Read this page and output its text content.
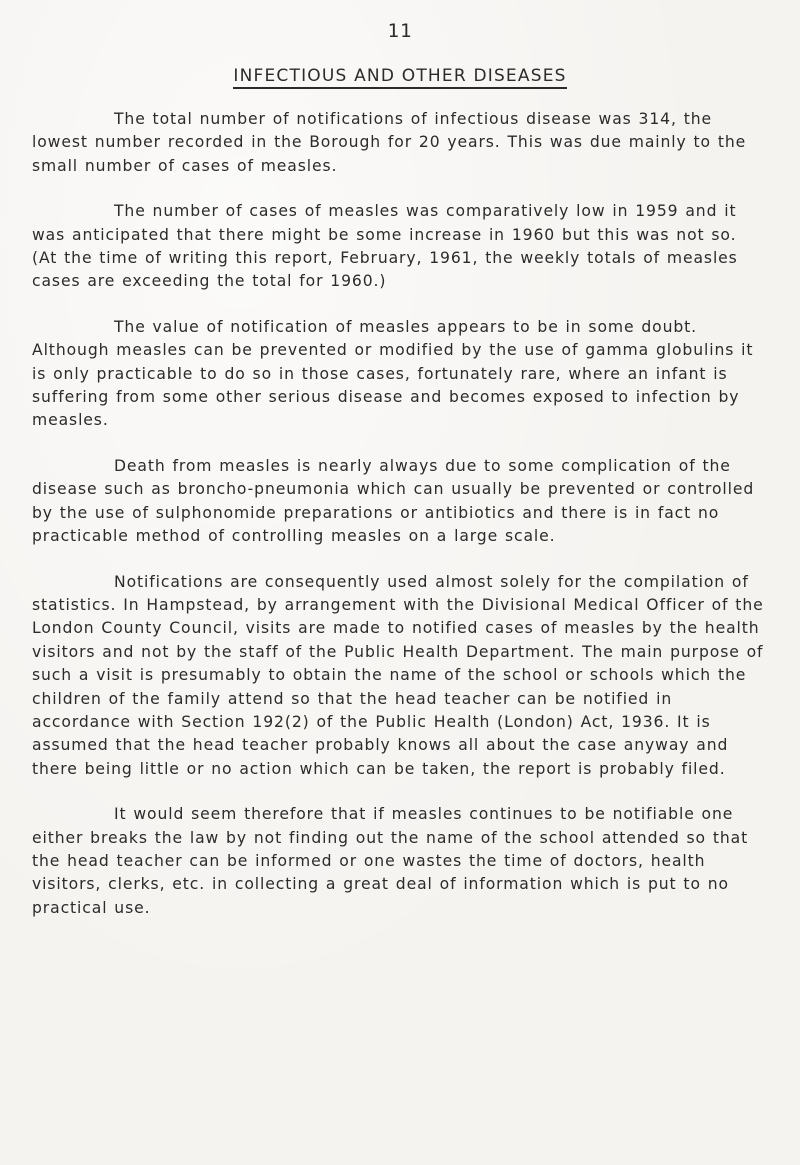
11
INFECTIOUS AND OTHER DISEASES

The total number of notifications of infectious disease was 314, the lowest number recorded in the Borough for 20 years. This was due mainly to the small number of cases of measles.

The number of cases of measles was comparatively low in 1959 and it was anticipated that there might be some increase in 1960 but this was not so. (At the time of writing this report, February, 1961, the weekly totals of measles cases are exceeding the total for 1960.)

The value of notification of measles appears to be in some doubt. Although measles can be prevented or modified by the use of gamma globulins it is only practicable to do so in those cases, fortunately rare, where an infant is suffering from some other serious disease and becomes exposed to infection by measles.

Death from measles is nearly always due to some complication of the disease such as broncho-pneumonia which can usually be prevented or controlled by the use of sulphonomide preparations or antibiotics and there is in fact no practicable method of controlling measles on a large scale.

Notifications are consequently used almost solely for the compilation of statistics. In Hampstead, by arrangement with the Divisional Medical Officer of the London County Council, visits are made to notified cases of measles by the health visitors and not by the staff of the Public Health Department. The main purpose of such a visit is presumably to obtain the name of the school or schools which the children of the family attend so that the head teacher can be notified in accordance with Section 192(2) of the Public Health (London) Act, 1936. It is assumed that the head teacher probably knows all about the case anyway and there being little or no action which can be taken, the report is probably filed.

It would seem therefore that if measles continues to be notifiable one either breaks the law by not finding out the name of the school attended so that the head teacher can be informed or one wastes the time of doctors, health visitors, clerks, etc. in collecting a great deal of information which is put to no practical use.
